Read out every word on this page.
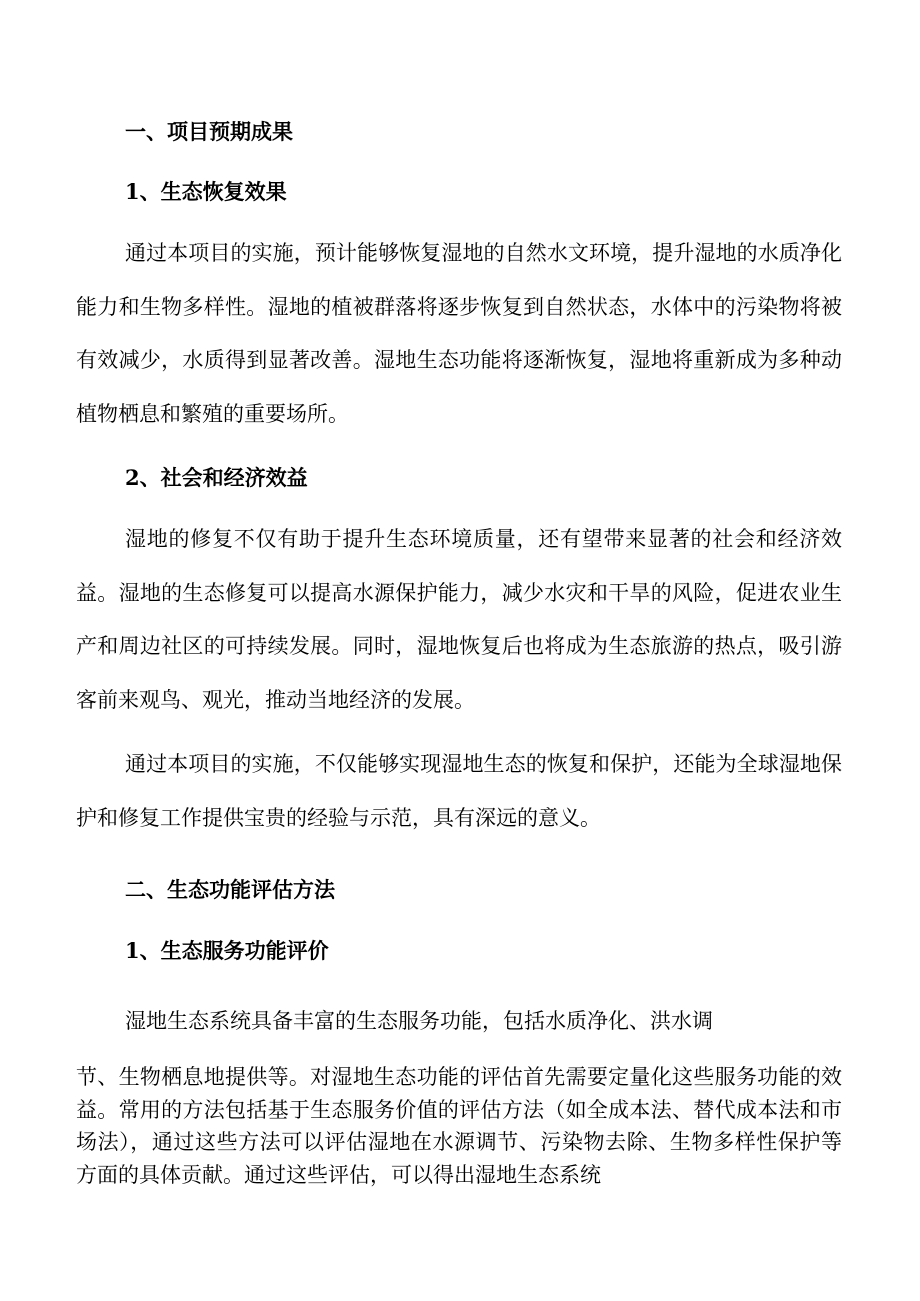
一、项目预期成果
1、生态恢复效果

通过本项目的实施，预计能够恢复湿地的自然水文环境，提升湿地的水质净化能力和生物多样性。湿地的植被群落将逐步恢复到自然状态，水体中的污染物将被有效减少，水质得到显著改善。湿地生态功能将逐渐恢复，湿地将重新成为多种动植物栖息和繁殖的重要场所。

2、社会和经济效益

湿地的修复不仅有助于提升生态环境质量，还有望带来显著的社会和经济效益。湿地的生态修复可以提高水源保护能力，减少水灾和干旱的风险，促进农业生产和周边社区的可持续发展。同时，湿地恢复后也将成为生态旅游的热点，吸引游客前来观鸟、观光，推动当地经济的发展。

通过本项目的实施，不仅能够实现湿地生态的恢复和保护，还能为全球湿地保护和修复工作提供宝贵的经验与示范，具有深远的意义。

二、生态功能评估方法
1、生态服务功能评价

湿地生态系统具备丰富的生态服务功能，包括水质净化、洪水调

节、生物栖息地提供等。对湿地生态功能的评估首先需要定量化这些服务功能的效益。常用的方法包括基于生态服务价值的评估方法（如全成本法、替代成本法和市场法），通过这些方法可以评估湿地在水源调节、污染物去除、生物多样性保护等方面的具体贡献。通过这些评估，可以得出湿地生态系统
